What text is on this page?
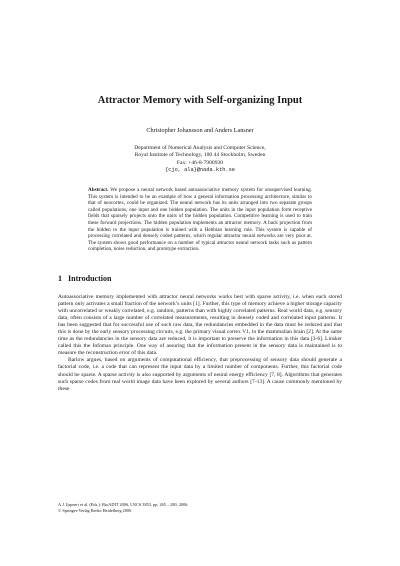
Attractor Memory with Self-organizing Input
Christopher Johansson and Anders Lansner
Department of Numerical Analysis and Computer Science,
Royal Institute of Technology, 100 44 Stockholm, Sweden
Fax: +46-8-7900930
{cjo, ala}@nada.kth.se
Abstract. We propose a neural network based autoassociative memory system for unsupervised learning. This system is intended to be an example of how a general information processing architecture, similar to that of neocortex, could be organized. The neural network has its units arranged into two separate groups called populations, one input and one hidden population. The units in the input population form receptive fields that sparsely projects onto the units of the hidden population. Competitive learning is used to train these forward projections. The hidden population implements an attractor memory. A back projection from the hidden to the input population is trained with a Hebbian learning rule. This system is capable of processing correlated and densely coded patterns, which regular attractor neural networks are very poor at. The system shows good performance on a number of typical attractor neural network tasks such as pattern completion, noise reduction, and prototype extraction.
1 Introduction

Autoassociative memory implemented with attractor neural networks works best with sparse activity, i.e. when each stored pattern only activates a small fraction of the network’s units [1]. Further, this type of memory achieve a higher storage capacity with uncorrelated or weakly correlated, e.g. random, patterns than with highly correlated patterns. Real world data, e.g. sensory data, often consists of a large number of correlated measurements, resulting in densely coded and correlated input patterns. It has been suggested that for successful use of such raw data, the redundancies embedded in the data must be reduced and that this is done by the early sensory processing circuits, e.g. the primary visual cortex V1, in the mammalian brain [2]. At the same time as the redundancies in the sensory data are reduced, it is important to preserve the information in this data [3-6]. Linsker called this the Infomax principle. One way of assuring that the information present in the sensory data is maintained is to measure the reconstruction error of this data.

Barlow argues, based on arguments of computational efficiency, that preprocessing of sensory data should generate a factorial code, i.e. a code that can represent the input data by a limited number of components. Further, this factorial code should be sparse. A sparse activity is also supported by arguments of neural energy efficiency [7, 8]. Algorithms that generates such sparse codes from real world image data have been explored by several authors [7-13]. A cause commonly mentioned by these

A.J. Ijspeert et al. (Eds.): BioADIT 2006, LNCS 3853, pp. 265 – 280, 2006.
© Springer-Verlag Berlin Heidelberg 2006
